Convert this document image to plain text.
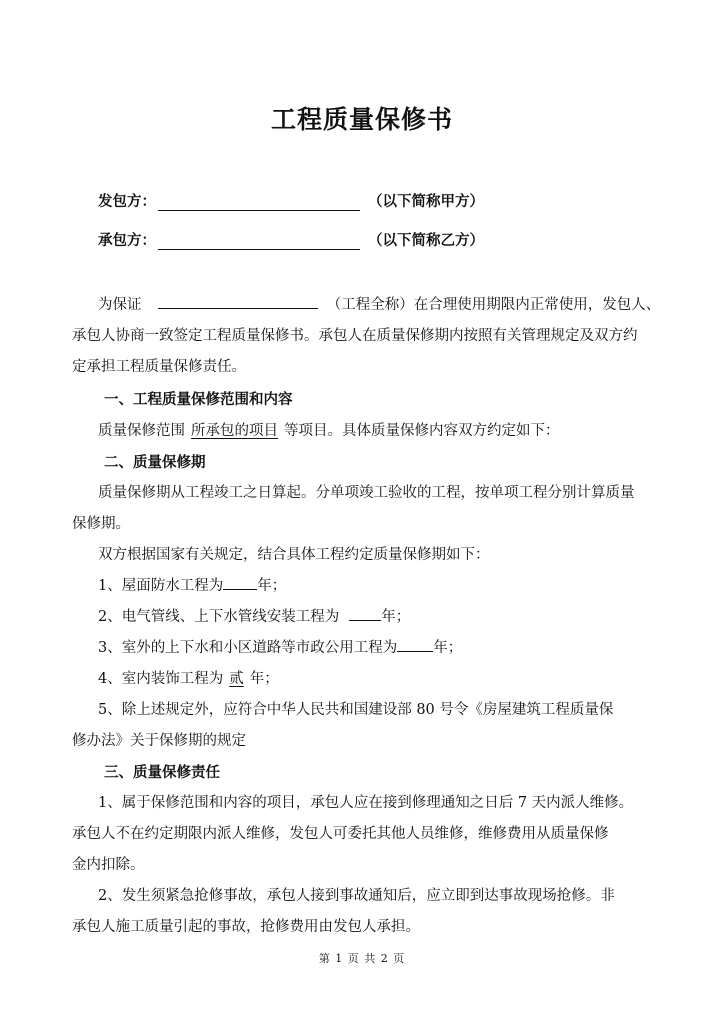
工程质量保修书
发包方：	（以下简称甲方）
承包方：	（以下简称乙方）
为保证	（工程全称）在合理使用期限内正常使用，发包人、
承包人协商一致签定工程质量保修书。承包人在质量保修期内按照有关管理规定及双方约
定承担工程质量保修责任。
一、工程质量保修范围和内容
质量保修范围 所承包的项目 等项目。具体质量保修内容双方约定如下：
二、质量保修期
质量保修期从工程竣工之日算起。分单项竣工验收的工程，按单项工程分别计算质量
保修期。
双方根据国家有关规定，结合具体工程约定质量保修期如下：
1、屋面防水工程为 年；
2、电气管线、上下水管线安装工程为	年；
3、室外的上下水和小区道路等市政公用工程为 年；
4、室内装饰工程为 贰 年；
5、除上述规定外，应符合中华人民共和国建设部 80 号令《房屋建筑工程质量保
修办法》关于保修期的规定
三、质量保修责任
1、属于保修范围和内容的项目，承包人应在接到修理通知之日后 7 天内派人维修。
承包人不在约定期限内派人维修，发包人可委托其他人员维修，维修费用从质量保修
金内扣除。
2、发生须紧急抢修事故，承包人接到事故通知后，应立即到达事故现场抢修。非
承包人施工质量引起的事故，抢修费用由发包人承担。
第 1 页 共 2 页
